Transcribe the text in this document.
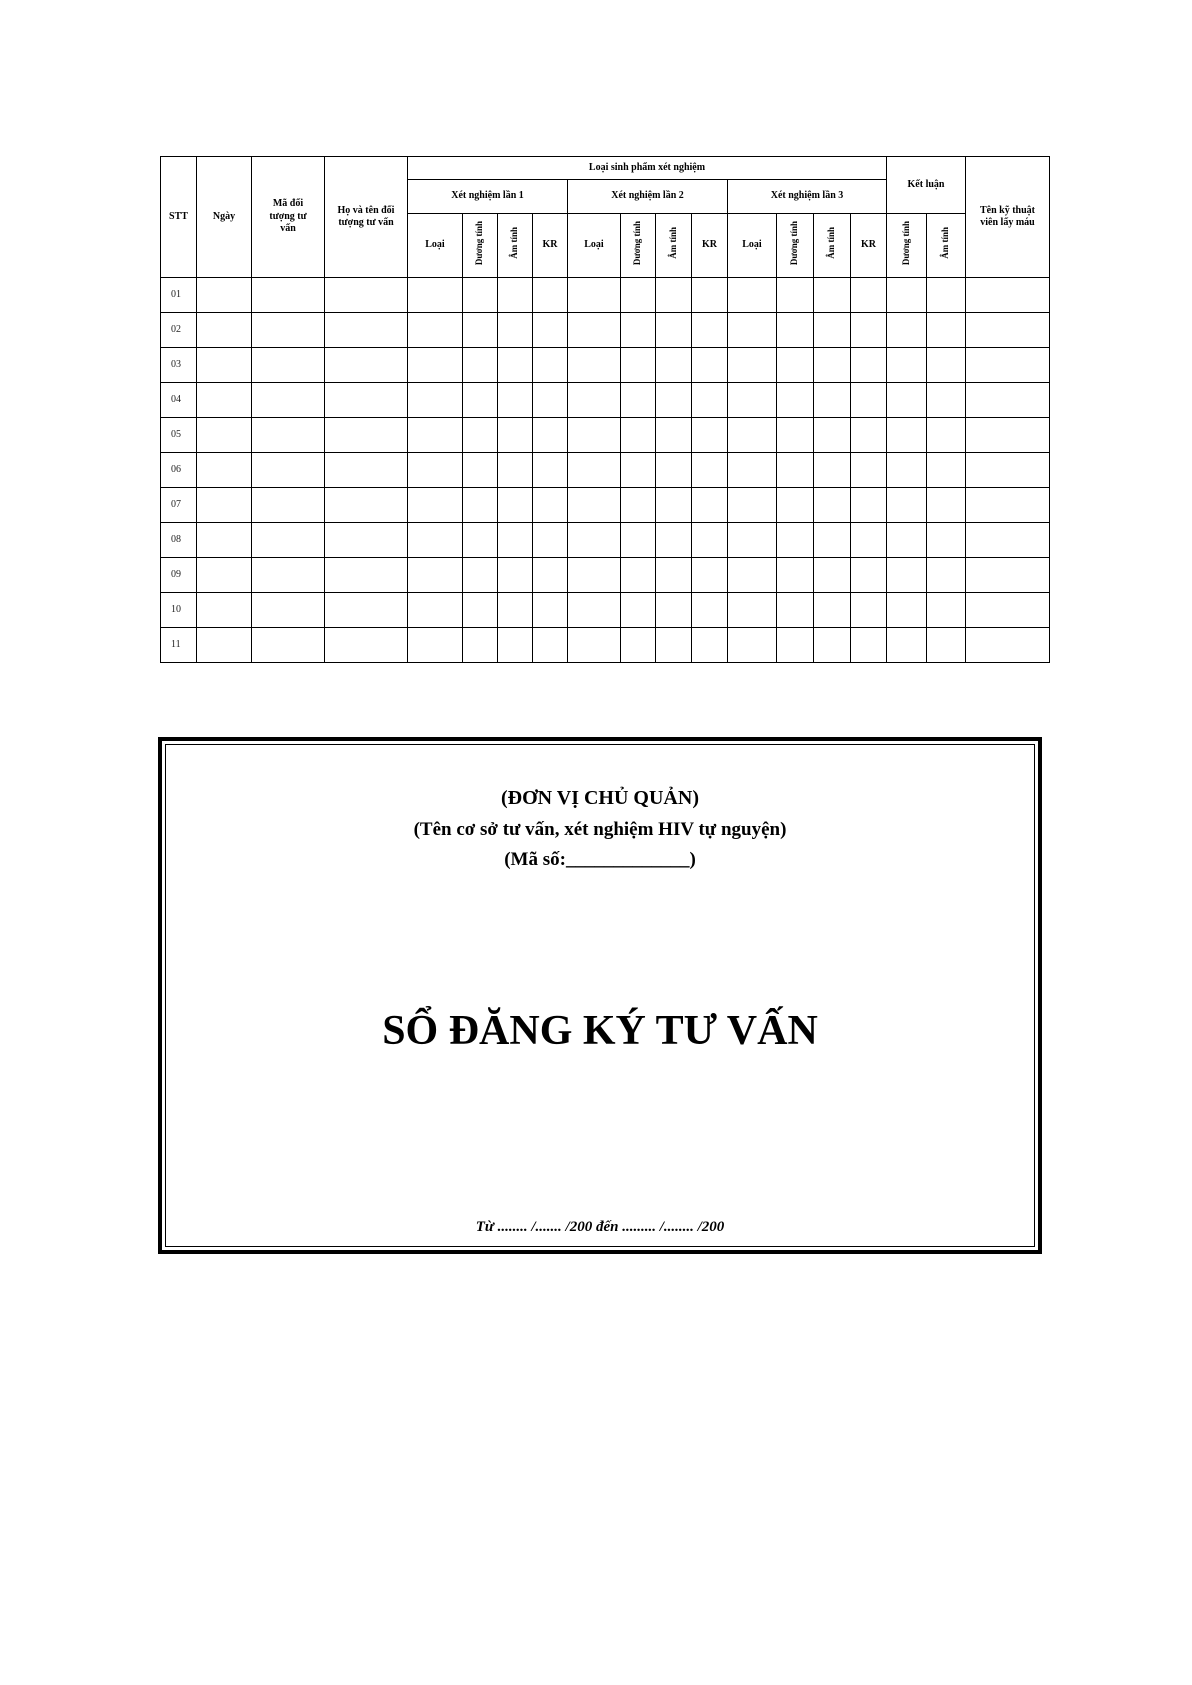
STT	Ngày	Mã đối tượng tư vấn	Họ và tên đối tượng tư vấn	Loại sinh phẩm xét nghiệm												Kết luận		Tên kỹ thuật viên lấy máu
				Xét nghiệm lần 1				Xét nghiệm lần 2				Xét nghiệm lần 3						
				Loại	Dương tính	Âm tính	KR	Loại	Dương tính	Âm tính	KR	Loại	Dương tính	Âm tính	KR	Dương tính	Âm tính	
01																		
02																		
03																		
04																		
05																		
06																		
07																		
08																		
09																		
10																		
11																		
(ĐƠN VỊ CHỦ QUẢN)
(Tên cơ sở tư vấn, xét nghiệm HIV tự nguyện)
(Mã số:_____________)
SỔ ĐĂNG KÝ TƯ VẤN
Từ ........ /....... /200 đến ......... /........ /200
